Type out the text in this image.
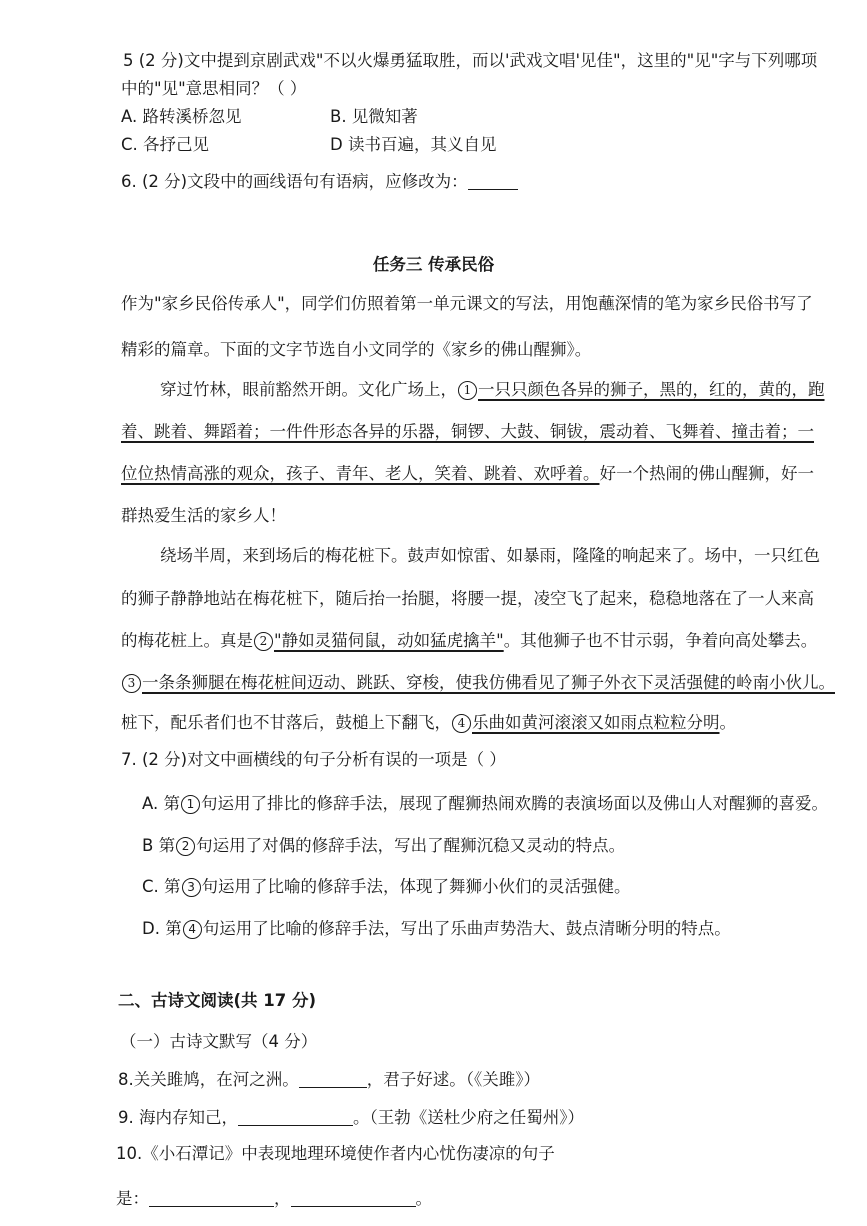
5 (2 分)文中提到京剧武戏"不以火爆勇猛取胜，而以'武戏文唱'见佳"，这里的"见"字与下列哪项
中的"见"意思相同？（ ）
A. 路转溪桥忽见	B. 见微知著
C. 各抒己见	D 读书百遍，其义自见
6. (2 分)文段中的画线语句有语病，应修改为：
任务三 传承民俗
作为"家乡民俗传承人"，同学们仿照着第一单元课文的写法，用饱蘸深情的笔为家乡民俗书写了
精彩的篇章。下面的文字节选自小文同学的《家乡的佛山醒狮》。
穿过竹林，眼前豁然开朗。文化广场上， 1 一只只颜色各异的狮子，黑的，红的，黄的，跑
着、跳着、舞蹈着；一件件形态各异的乐器，铜锣、大鼓、铜钹，震动着、飞舞着、撞击着；一
位位热情高涨的观众，孩子、青年、老人，笑着、跳着、欢呼着。好一个热闹的佛山醒狮，好一
群热爱生活的家乡人！
绕场半周，来到场后的梅花桩下。鼓声如惊雷、如暴雨，隆隆的响起来了。场中，一只红色
的狮子静静地站在梅花桩下，随后抬一抬腿，将腰一提，凌空飞了起来，稳稳地落在了一人来高
的梅花桩上。真是 2 "静如灵猫伺鼠，动如猛虎擒羊"。其他狮子也不甘示弱，争着向高处攀去。
3 一条条狮腿在梅花桩间迈动、跳跃、穿梭，使我仿佛看见了狮子外衣下灵活强健的岭南小伙儿。
桩下，配乐者们也不甘落后，鼓槌上下翻飞， 4 乐曲如黄河滚滚又如雨点粒粒分明。
7. (2 分)对文中画横线的句子分析有误的一项是（ ）
A. 第 1 句运用了排比的修辞手法，展现了醒狮热闹欢腾的表演场面以及佛山人对醒狮的喜爱。
B 第 2 句运用了对偶的修辞手法，写出了醒狮沉稳又灵动的特点。
C. 第 3 句运用了比喻的修辞手法，体现了舞狮小伙们的灵活强健。
D. 第 4 句运用了比喻的修辞手法，写出了乐曲声势浩大、鼓点清晰分明的特点。
二、古诗文阅读(共 17 分)
（一）古诗文默写（4 分）
8.关关雎鸠，在河之洲。	，君子好逑。（《关雎》）
9. 海内存知己，	。（王勃《送杜少府之任蜀州》）
10.《小石潭记》中表现地理环境使作者内心忧伤凄凉的句子
是：	，	。
